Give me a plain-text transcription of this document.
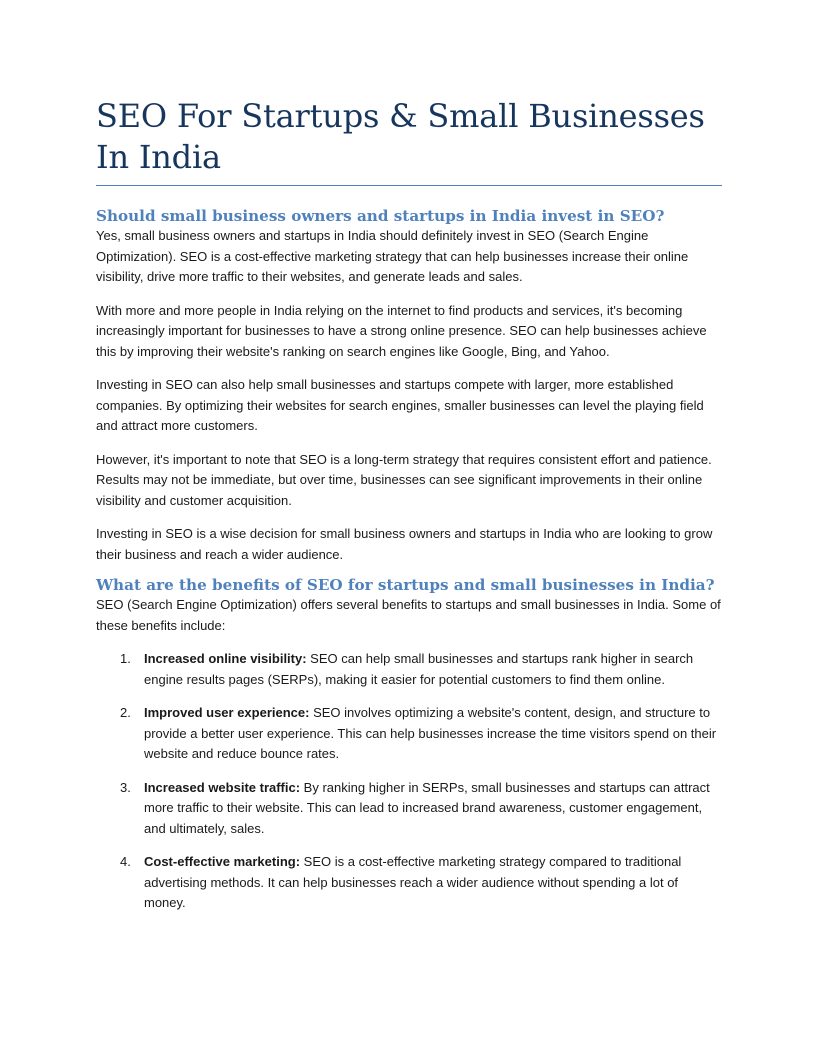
SEO For Startups & Small Businesses In India
Should small business owners and startups in India invest in SEO?

Yes, small business owners and startups in India should definitely invest in SEO (Search Engine Optimization). SEO is a cost-effective marketing strategy that can help businesses increase their online visibility, drive more traffic to their websites, and generate leads and sales.

With more and more people in India relying on the internet to find products and services, it's becoming increasingly important for businesses to have a strong online presence. SEO can help businesses achieve this by improving their website's ranking on search engines like Google, Bing, and Yahoo.

Investing in SEO can also help small businesses and startups compete with larger, more established companies. By optimizing their websites for search engines, smaller businesses can level the playing field and attract more customers.

However, it's important to note that SEO is a long-term strategy that requires consistent effort and patience. Results may not be immediate, but over time, businesses can see significant improvements in their online visibility and customer acquisition.

Investing in SEO is a wise decision for small business owners and startups in India who are looking to grow their business and reach a wider audience.

What are the benefits of SEO for startups and small businesses in India?

SEO (Search Engine Optimization) offers several benefits to startups and small businesses in India. Some of these benefits include:

1. Increased online visibility: SEO can help small businesses and startups rank higher in search engine results pages (SERPs), making it easier for potential customers to find them online.
2. Improved user experience: SEO involves optimizing a website's content, design, and structure to provide a better user experience. This can help businesses increase the time visitors spend on their website and reduce bounce rates.
3. Increased website traffic: By ranking higher in SERPs, small businesses and startups can attract more traffic to their website. This can lead to increased brand awareness, customer engagement, and ultimately, sales.
4. Cost-effective marketing: SEO is a cost-effective marketing strategy compared to traditional advertising methods. It can help businesses reach a wider audience without spending a lot of money.
